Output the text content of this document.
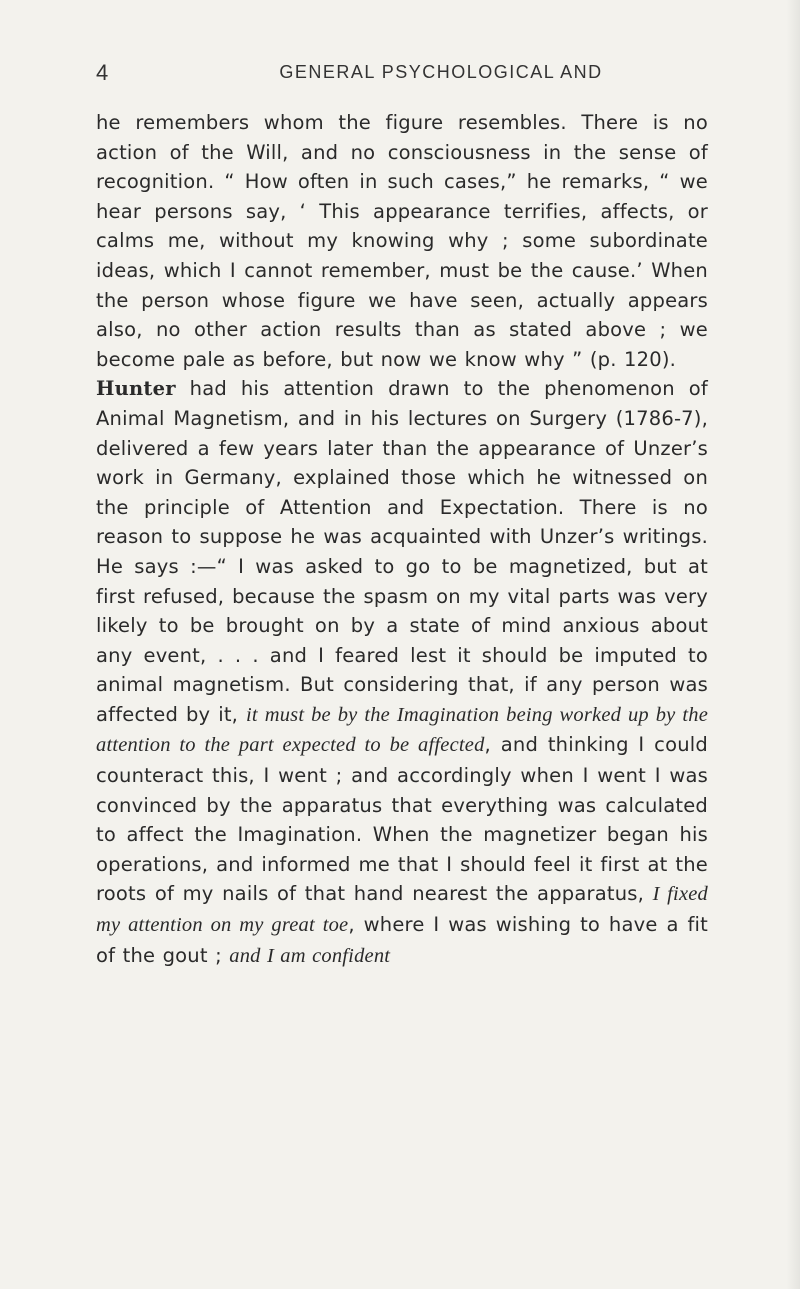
4	GENERAL PSYCHOLOGICAL AND

he remembers whom the figure resembles. There is no action of the Will, and no consciousness in the sense of recognition. “ How often in such cases,” he remarks, “ we hear persons say, ‘ This appearance terrifies, affects, or calms me, without my knowing why ; some subordinate ideas, which I cannot remember, must be the cause.’ When the person whose figure we have seen, actually appears also, no other action results than as stated above ; we become pale as before, but now we know why ” (p. 120).

Hunter had his attention drawn to the phenomenon of Animal Magnetism, and in his lectures on Surgery (1786-7), delivered a few years later than the appearance of Unzer’s work in Germany, explained those which he witnessed on the principle of Attention and Expectation. There is no reason to suppose he was acquainted with Unzer’s writings. He says :—“ I was asked to go to be magnetized, but at first refused, because the spasm on my vital parts was very likely to be brought on by a state of mind anxious about any event, . . . and I feared lest it should be imputed to animal magnetism. But considering that, if any person was affected by it, it must be by the Imagination being worked up by the attention to the part expected to be affected, and thinking I could counteract this, I went ; and accordingly when I went I was convinced by the apparatus that everything was calculated to affect the Imagination. When the magnetizer began his operations, and informed me that I should feel it first at the roots of my nails of that hand nearest the apparatus, I fixed my attention on my great toe, where I was wishing to have a fit of the gout ; and I am confident
